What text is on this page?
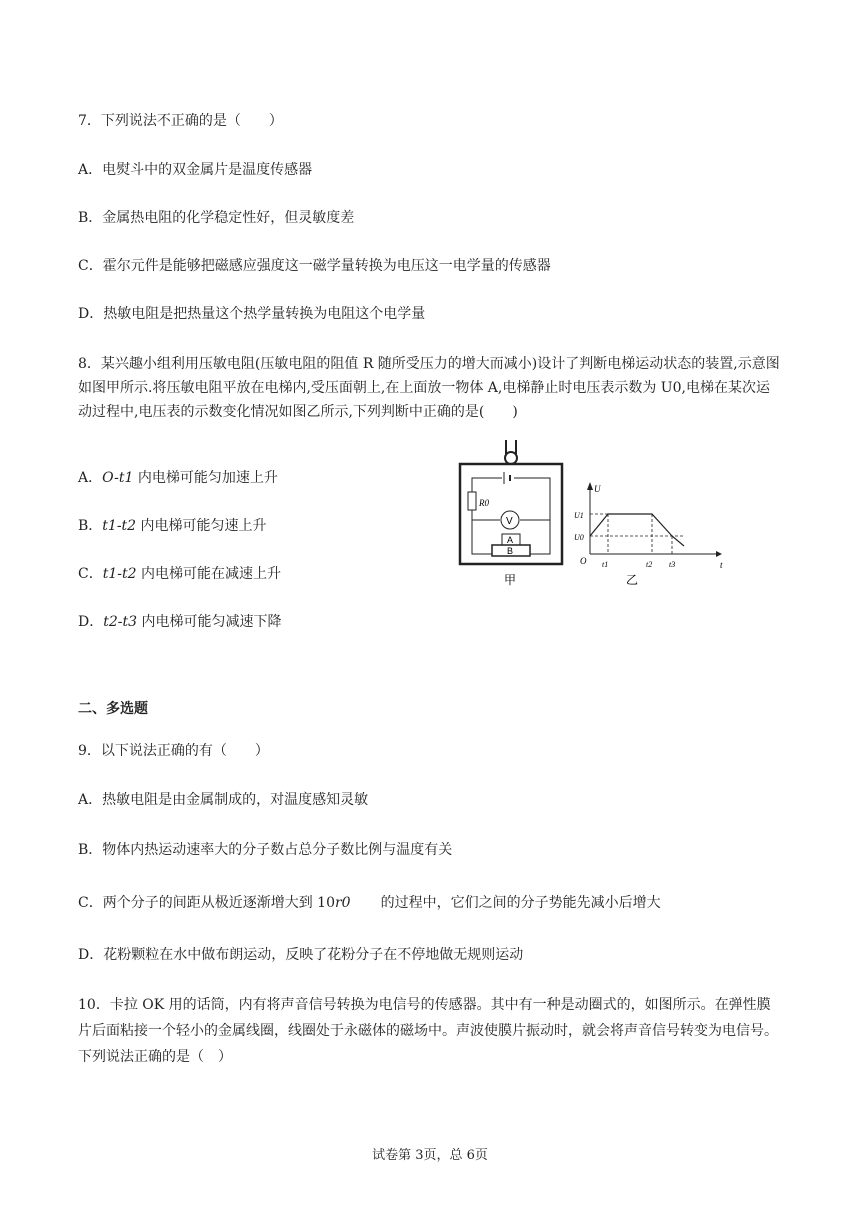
7．下列说法不正确的是（　　）
A．电熨斗中的双金属片是温度传感器
B．金属热电阻的化学稳定性好，但灵敏度差
C．霍尔元件是能够把磁感应强度这一磁学量转换为电压这一电学量的传感器
D．热敏电阻是把热量这个热学量转换为电阻这个电学量
8．某兴趣小组利用压敏电阻(压敏电阻的阻值 R 随所受压力的增大而减小)设计了判断电梯运动状态的装置,示意图如图甲所示.将压敏电阻平放在电梯内,受压面朝上,在上面放一物体 A,电梯静止时电压表示数为 U0,电梯在某次运动过程中,电压表的示数变化情况如图乙所示,下列判断中正确的是(　　)
A．O-t1 内电梯可能匀加速上升
B．t1-t2 内电梯可能匀速上升
C．t1-t2 内电梯可能在减速上升
D．t2-t3 内电梯可能匀减速下降
R0
V
A
B
甲
U
t
U1
U0
O t1	t2 t3
乙
二、多选题
9．以下说法正确的有（　　）
A．热敏电阻是由金属制成的，对温度感知灵敏
B．物体内热运动速率大的分子数占总分子数比例与温度有关
C．两个分子的间距从极近逐渐增大到 10r0 的过程中，它们之间的分子势能先减小后增大
D．花粉颗粒在水中做布朗运动，反映了花粉分子在不停地做无规则运动
10．卡拉 OK 用的话筒，内有将声音信号转换为电信号的传感器。其中有一种是动圈式的，如图所示。在弹性膜片后面粘接一个轻小的金属线圈，线圈处于永磁体的磁场中。声波使膜片振动时，就会将声音信号转变为电信号。下列说法正确的是（　）
试卷第 3页，总 6页
